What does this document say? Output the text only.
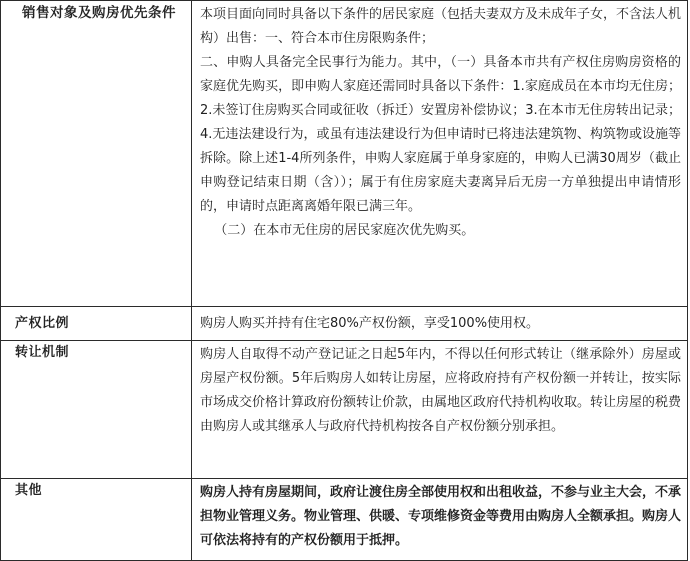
销售对象及购房优先条件	本项目面向同时具备以下条件的居民家庭（包括夫妻双方及未成年子女，不含法人机构）出售：一、符合本市住房限购条件；

二、申购人具备完全民事行为能力。其中，（一）具备本市共有产权住房购房资格的家庭优先购买，即申购人家庭还需同时具备以下条件：1.家庭成员在本市均无住房；2.未签订住房购买合同或征收（拆迁）安置房补偿协议；3.在本市无住房转出记录；4.无违法建设行为，或虽有违法建设行为但申请时已将违法建筑物、构筑物或设施等拆除。除上述1-4所列条件，申购人家庭属于单身家庭的，申购人已满30周岁（截止申购登记结束日期（含））；属于有住房家庭夫妻离异后无房一方单独提出申请情形的，申请时点距离离婚年限已满三年。

（二）在本市无住房的居民家庭次优先购买。

产权比例	购房人购买并持有住宅80%产权份额，享受100%使用权。
转让机制	购房人自取得不动产登记证之日起5年内，不得以任何形式转让（继承除外）房屋或房屋产权份额。5年后购房人如转让房屋，应将政府持有产权份额一并转让，按实际市场成交价格计算政府份额转让价款，由属地区政府代持机构收取。转让房屋的税费由购房人或其继承人与政府代持机构按各自产权份额分别承担。
其他	购房人持有房屋期间，政府让渡住房全部使用权和出租收益，不参与业主大会，不承担物业管理义务。物业管理、供暖、专项维修资金等费用由购房人全额承担。购房人可依法将持有的产权份额用于抵押。
